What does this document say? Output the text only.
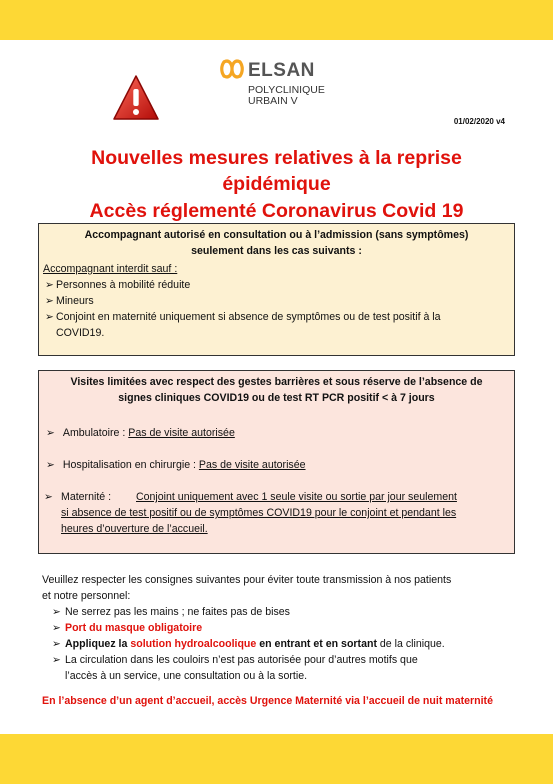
ELSAN
POLYCLINIQUE
URBAIN V
01/02/2020 v4
Nouvelles mesures relatives à la reprise
épidémique
Accès réglementé Coronavirus Covid 19
Accompagnant autorisé en consultation ou à l’admission (sans symptômes)
seulement dans les cas suivants :
Accompagnant interdit sauf :
➢ Personnes à mobilité réduite
➢ Mineurs
➢ Conjoint en maternité uniquement si absence de symptômes ou de test positif à la
COVID19.
Visites limitées avec respect des gestes barrières et sous réserve de l’absence de
signes cliniques COVID19 ou de test RT PCR positif < à 7 jours
➢ Ambulatoire : Pas de visite autorisée
➢ Hospitalisation en chirurgie : Pas de visite autorisée
➢ Maternité : Conjoint uniquement avec 1 seule visite ou sortie par jour seulement
si absence de test positif ou de symptômes COVID19 pour le conjoint et pendant les
heures d’ouverture de l’accueil.
Veuillez respecter les consignes suivantes pour éviter toute transmission à nos patients
et notre personnel:
➢ Ne serrez pas les mains ; ne faites pas de bises
➢ Port du masque obligatoire
➢ Appliquez la solution hydroalcoolique en entrant et en sortant de la clinique.
➢ La circulation dans les couloirs n’est pas autorisée pour d’autres motifs que
l’accès à un service, une consultation ou à la sortie.
En l’absence d’un agent d’accueil, accès Urgence Maternité via l’accueil de nuit maternité
